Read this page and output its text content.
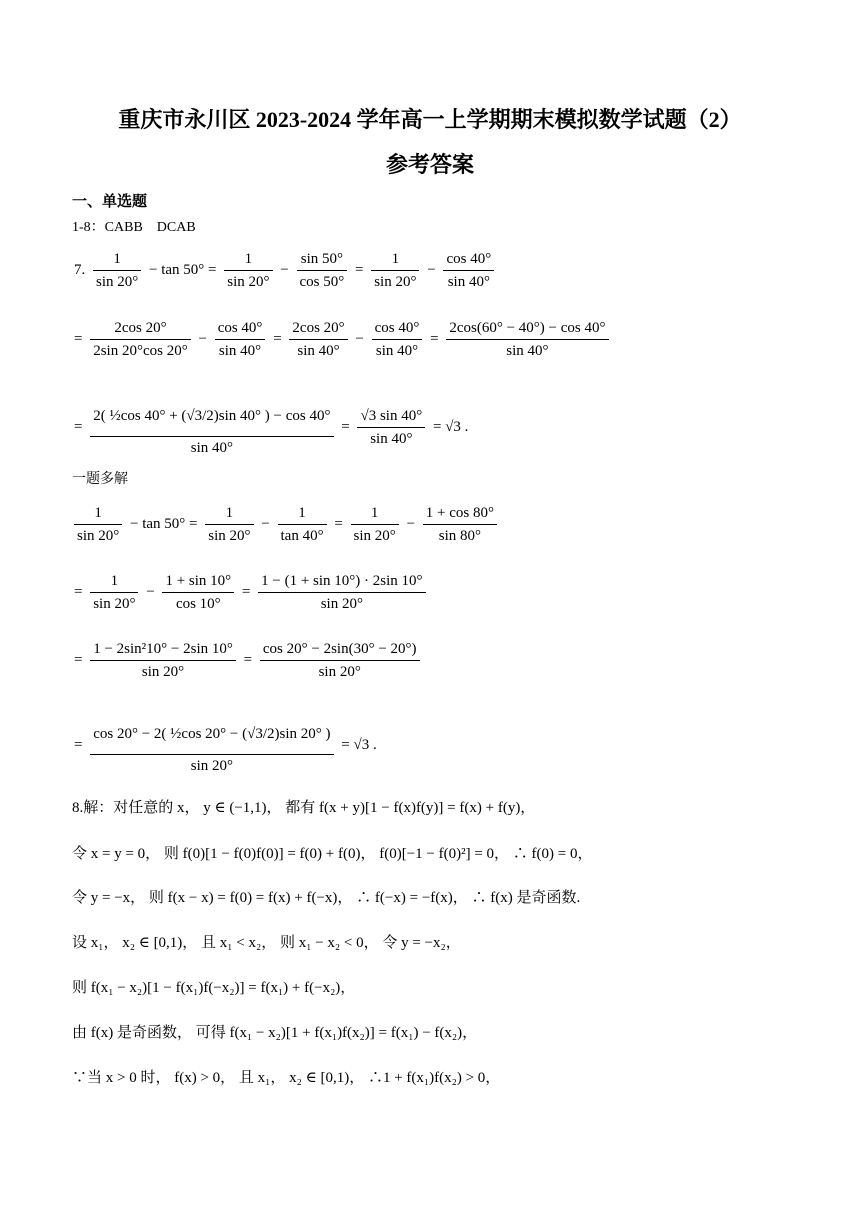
重庆市永川区 2023-2024 学年高一上学期期末模拟数学试题（2）
参考答案
一、单选题
1-8：CABB　DCAB
7. $\frac{1}{\sin 20^\circ} - \tan 50^\circ = \frac{1}{\sin 20^\circ} - \frac{\sin 50^\circ}{\cos 50^\circ} = \frac{1}{\sin 20^\circ} - \frac{\cos 40^\circ}{\sin 40^\circ}$
= $\frac{2\cos 20^\circ}{2\sin 20^\circ\cos 20^\circ} - \frac{\cos 40^\circ}{\sin 40^\circ} = \frac{2\cos 20^\circ}{\sin 40^\circ} - \frac{\cos 40^\circ}{\sin 40^\circ} = \frac{2\cos(60^\circ - 40^\circ) - \cos 40^\circ}{\sin 40^\circ}$
= $\frac{\text{2( ½cos 40° + (√3/2)sin 40° ) − cos 40°}}{\sin 40^\circ} = \frac{√3 \sin 40^\circ}{\sin 40^\circ} = √3$ .
一题多解
$\frac{1}{\sin 20^\circ} - \tan 50^\circ = \frac{1}{\sin 20^\circ} - \frac{1}{\tan 40^\circ} = \frac{1}{\sin 20^\circ} - \frac{1 + \cos 80^\circ}{\sin 80^\circ}$
= $\frac{1}{\sin 20^\circ} - \frac{1 + \sin 10^\circ}{\cos 10^\circ} = \frac{1 - (1 + \sin 10^\circ) \cdot 2\sin 10^\circ}{\sin 20^\circ}$
= $\frac{\text{1 − 2sin²10° − 2sin 10°}}{\sin 20^\circ} = \frac{\cos 20^\circ - 2\sin(30^\circ - 20^\circ)}{\sin 20^\circ}$
= $\frac{\text{cos 20° − 2( ½cos 20° − (√3/2)sin 20° )}}{\sin 20^\circ} = √3$ .
8.解：对任意的 x， y ∈ (−1,1)， 都有 f(x + y)[1 − f(x)f(y)] = f(x) + f(y)，
令 x = y = 0， 则 f(0)[1 − f(0)f(0)] = f(0) + f(0)， f(0)[−1 − f(0)²] = 0， ∴ f(0) = 0，
令 y = −x， 则 f(x − x) = f(0) = f(x) + f(−x)， ∴ f(−x) = −f(x)， ∴ f(x) 是奇函数.
设 x₁， x₂ ∈ [0,1)， 且 x₁ < x₂， 则 x₁ − x₂ < 0， 令 y = −x₂，
则 f(x₁ − x₂)[1 − f(x₁)f(−x₂)] = f(x₁) + f(−x₂)，
由 f(x) 是奇函数， 可得 f(x₁ − x₂)[1 + f(x₁)f(x₂)] = f(x₁) − f(x₂)，
∵当 x > 0 时， f(x) > 0， 且 x₁， x₂ ∈ [0,1)， ∴1 + f(x₁)f(x₂) > 0，
